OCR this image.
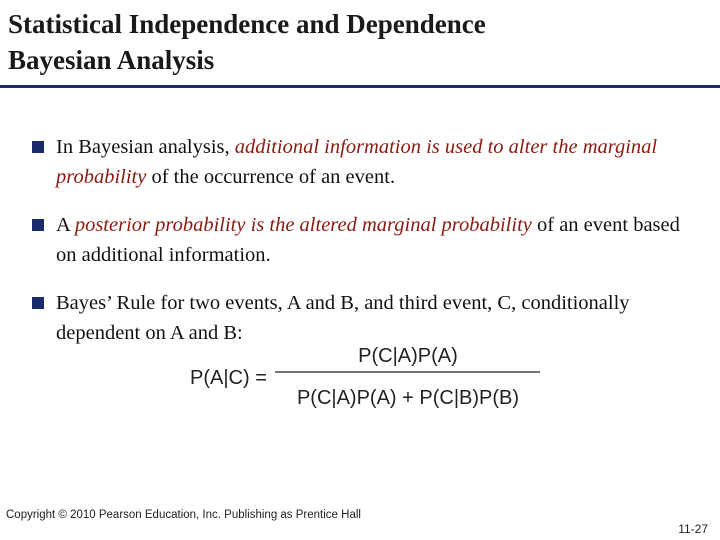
Statistical Independence and Dependence
Bayesian Analysis
In Bayesian analysis, additional information is used to alter the marginal probability of the occurrence of an event.
A posterior probability is the altered marginal probability of an event based on additional information.
Bayes’ Rule for two events, A and B, and third event, C, conditionally dependent on A and B:
P(A|C) =
P(C|A)P(A)
P(C|A)P(A) + P(C|B)P(B)
Copyright © 2010 Pearson Education, Inc. Publishing as Prentice Hall
11-27
